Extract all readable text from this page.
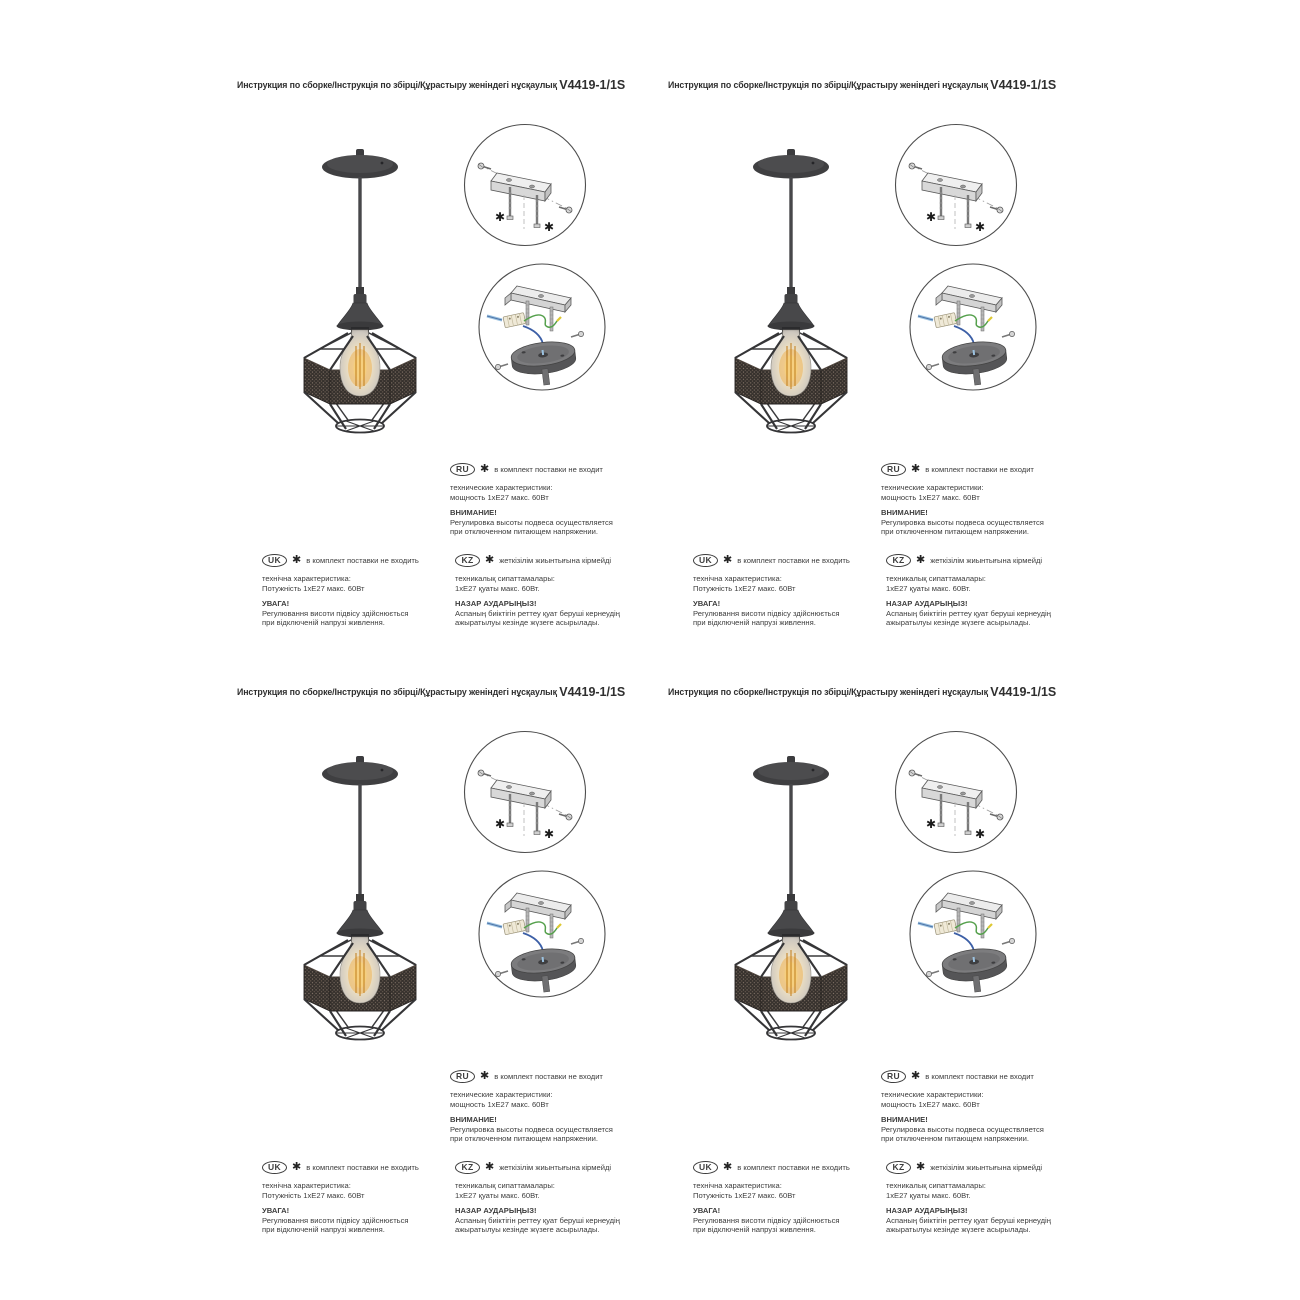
Инструкция по сборке/Інструкція по збірці/Құрастыру женіндегі нұсқаулық V4419-1/1S
✱
✱
RU	✱ в комплект поставки не входит
технические характеристики:
мощность 1хЕ27 макс. 60Вт
ВНИМАНИЕ!
Регулировка высоты подвеса осуществляется
при отключенном питающем напряжении.
UK	✱ в комплект поставки не входить
технічна характеристика:
Потужність 1хЕ27 макс. 60Вт
УВАГА!
Регулювання висоти підвісу здійснюється
при відключеній напрузі живлення.
KZ	✱ жеткізілім жиынтығына кірмейді
техникалық сипаттамалары:
1хЕ27 қуаты макс. 60Вт.
НАЗАР АУДАРЫҢЫЗ!
Аспаның биіктігін реттеу қуат беруші кернеудің
ажыратылуы кезінде жүзеге асырылады.
Инструкция по сборке/Інструкція по збірці/Құрастыру женіндегі нұсқаулық V4419-1/1S
✱
✱
RU	✱ в комплект поставки не входит
технические характеристики:
мощность 1хЕ27 макс. 60Вт
ВНИМАНИЕ!
Регулировка высоты подвеса осуществляется
при отключенном питающем напряжении.
UK	✱ в комплект поставки не входить
технічна характеристика:
Потужність 1хЕ27 макс. 60Вт
УВАГА!
Регулювання висоти підвісу здійснюється
при відключеній напрузі живлення.
KZ	✱ жеткізілім жиынтығына кірмейді
техникалық сипаттамалары:
1хЕ27 қуаты макс. 60Вт.
НАЗАР АУДАРЫҢЫЗ!
Аспаның биіктігін реттеу қуат беруші кернеудің
ажыратылуы кезінде жүзеге асырылады.
Инструкция по сборке/Інструкція по збірці/Құрастыру женіндегі нұсқаулық V4419-1/1S
✱
✱
RU	✱ в комплект поставки не входит
технические характеристики:
мощность 1хЕ27 макс. 60Вт
ВНИМАНИЕ!
Регулировка высоты подвеса осуществляется
при отключенном питающем напряжении.
UK	✱ в комплект поставки не входить
технічна характеристика:
Потужність 1хЕ27 макс. 60Вт
УВАГА!
Регулювання висоти підвісу здійснюється
при відключеній напрузі живлення.
KZ	✱ жеткізілім жиынтығына кірмейді
техникалық сипаттамалары:
1хЕ27 қуаты макс. 60Вт.
НАЗАР АУДАРЫҢЫЗ!
Аспаның биіктігін реттеу қуат беруші кернеудің
ажыратылуы кезінде жүзеге асырылады.
Инструкция по сборке/Інструкція по збірці/Құрастыру женіндегі нұсқаулық V4419-1/1S
✱
✱
RU	✱ в комплект поставки не входит
технические характеристики:
мощность 1хЕ27 макс. 60Вт
ВНИМАНИЕ!
Регулировка высоты подвеса осуществляется
при отключенном питающем напряжении.
UK	✱ в комплект поставки не входить
технічна характеристика:
Потужність 1хЕ27 макс. 60Вт
УВАГА!
Регулювання висоти підвісу здійснюється
при відключеній напрузі живлення.
KZ	✱ жеткізілім жиынтығына кірмейді
техникалық сипаттамалары:
1хЕ27 қуаты макс. 60Вт.
НАЗАР АУДАРЫҢЫЗ!
Аспаның биіктігін реттеу қуат беруші кернеудің
ажыратылуы кезінде жүзеге асырылады.
